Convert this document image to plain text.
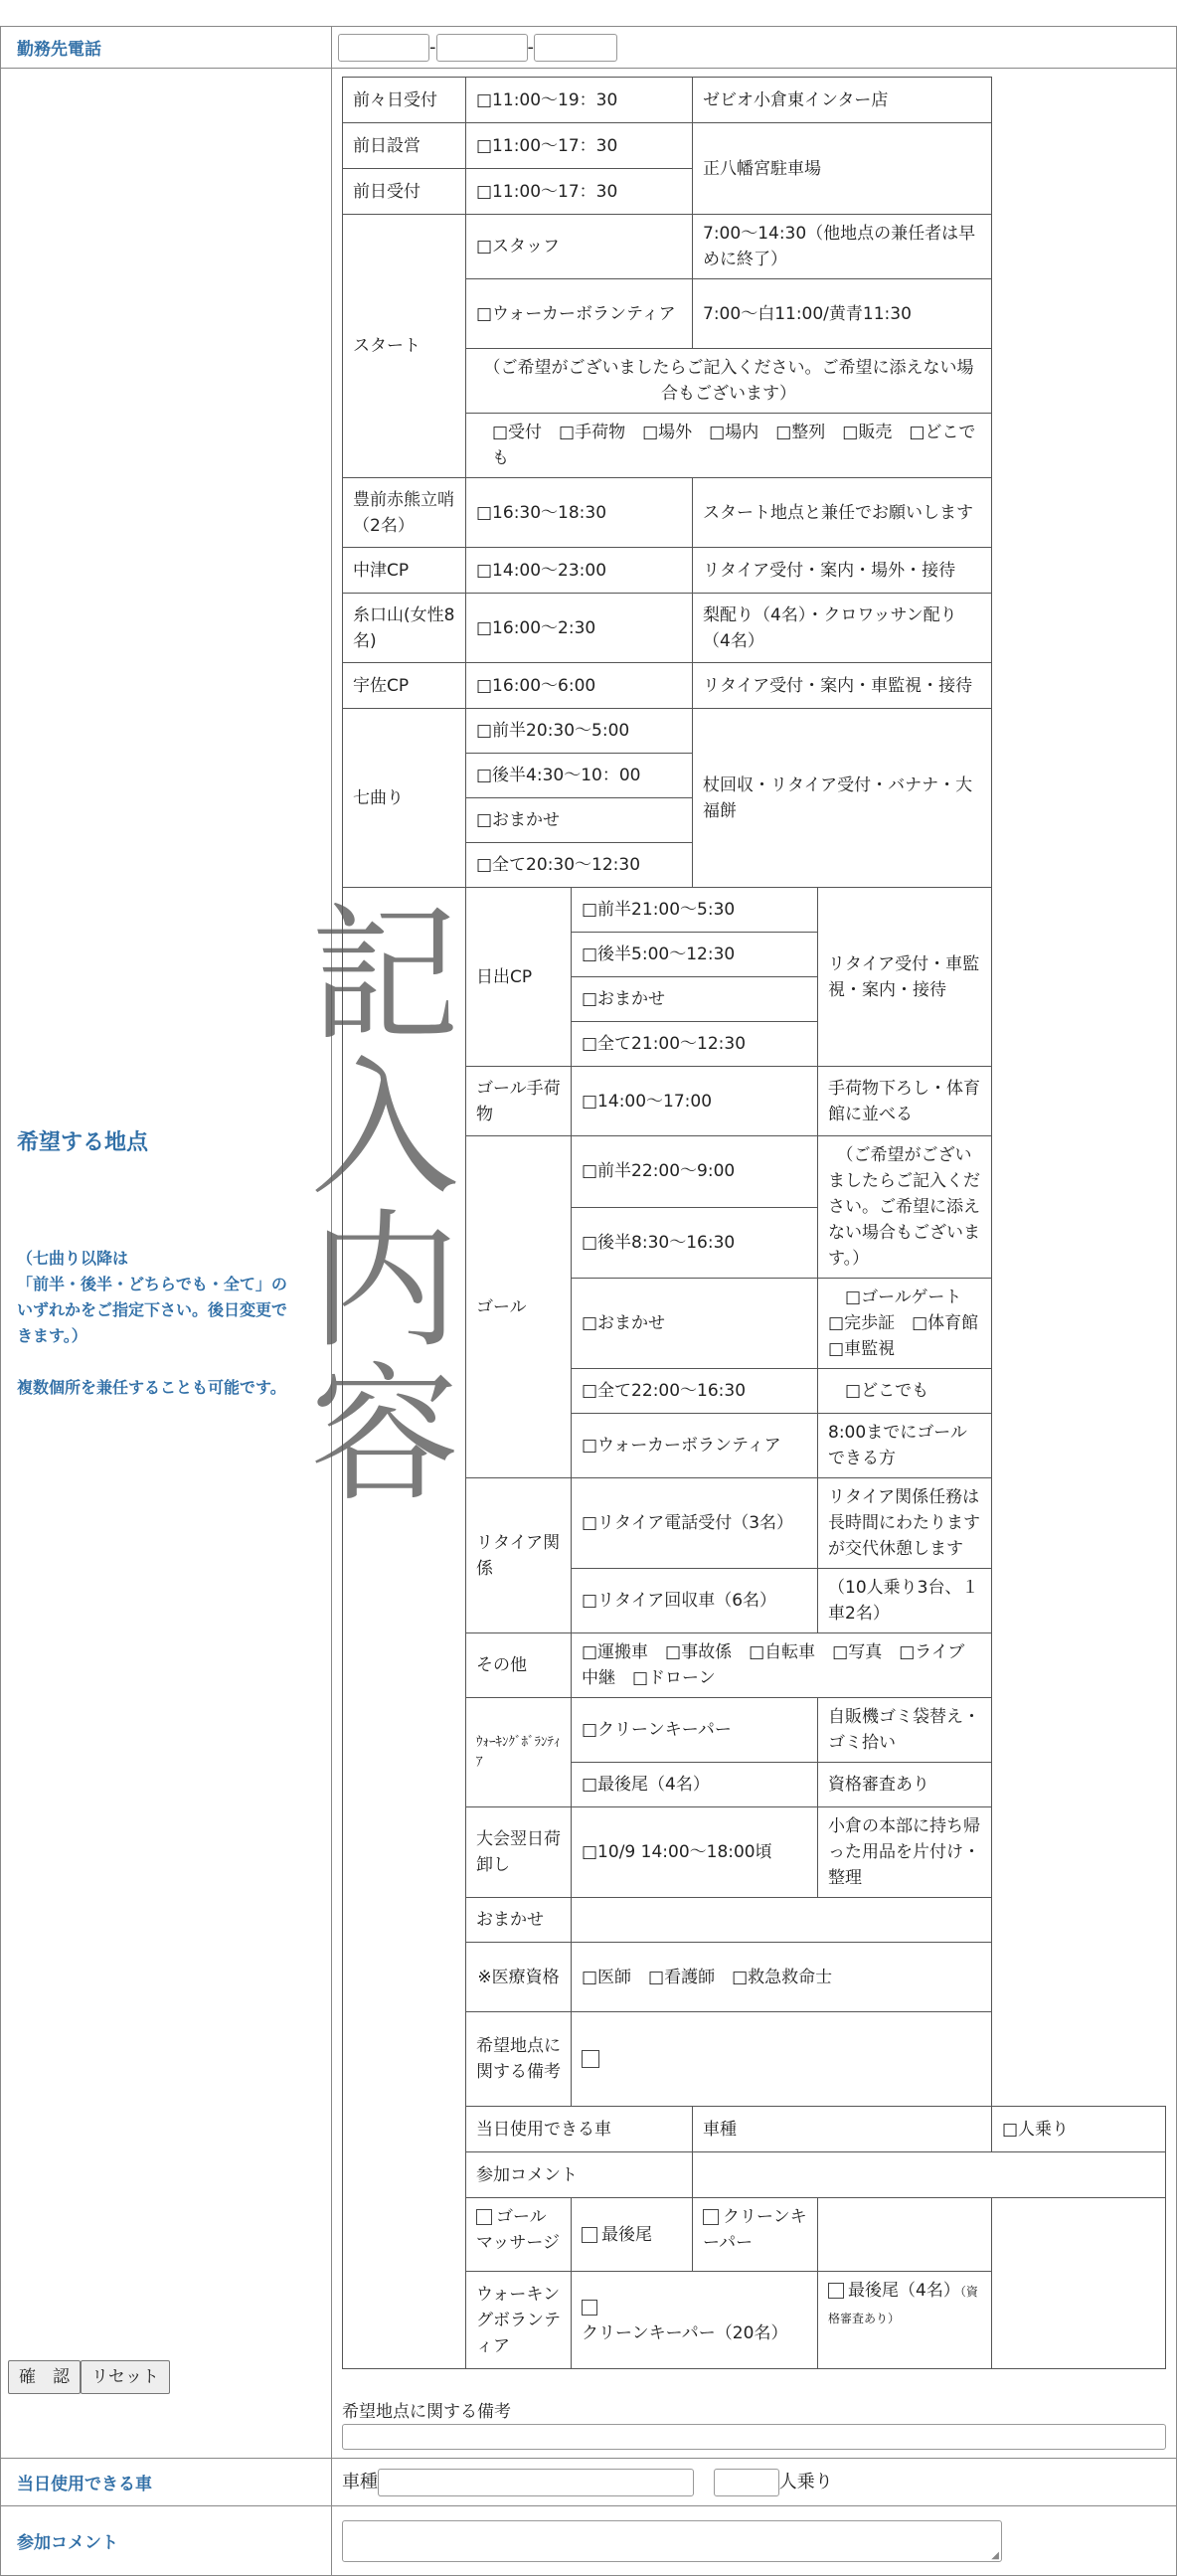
勤務先電話	-	-

希望する地点
（七曲り以降は
「前半・後半・どちらでも・全て」の
いずれかをご指定下さい。後日変更で
きます。）
複数個所を兼任することも可能です。

前々日受付	□11:00〜19：30	ゼビオ小倉東インター店
前日設営	□11:00〜17：30	正八幡宮駐車場
前日受付	□11:00〜17：30
スタート	□スタッフ	7:00〜14:30（他地点の兼任者は早めに終了）
□ウォーカーボランティア	7:00〜白11:00/黄青11:30
（ご希望がございましたらご記入ください。ご希望に添えない場合もございます）
□受付　□手荷物　□場外　□場内　□整列　□販売　□どこでも
豊前赤熊立哨（2名）	□16:30〜18:30	スタート地点と兼任でお願いします
中津CP	□14:00〜23:00	リタイア受付・案内・場外・接待
糸口山(女性8名)	□16:00〜2:30	梨配り（4名）・クロワッサン配り（4名）
宇佐CP	□16:00〜6:00	リタイア受付・案内・車監視・接待
七曲り	□前半20:30〜5:00	杖回収・リタイア受付・バナナ・大福餅
□後半4:30〜10：00
□おまかせ
□全て20:30〜12:30
	日出CP	□前半21:00〜5:30	リタイア受付・車監視・案内・接待
□後半5:00〜12:30
□おまかせ
□全て21:00〜12:30
ゴール手荷物	□14:00〜17:00	手荷物下ろし・体育館に並べる
ゴール	□前半22:00〜9:00	　（ご希望がございましたらご記入ください。ご希望に添えない場合もございます。）
□後半8:30〜16:30
□おまかせ	　□ゴールゲート　□完歩証　□体育館　□車監視
□全て22:00〜16:30	　□どこでも
□ウォーカーボランティア	8:00までにゴールできる方
リタイア関係	□リタイア電話受付（3名）	リタイア関係任務は長時間にわたりますが交代休憩します
□リタイア回収車（6名）	（10人乗り3台、１車2名）
その他	□運搬車　□事故係　□自転車　□写真　□ライブ中継　□ドローン
ｳｫｰｷﾝｸﾞﾎﾞﾗﾝﾃｨｱ	□クリーンキーパー	自販機ゴミ袋替え・ゴミ拾い
□最後尾（4名）	資格審査あり
大会翌日荷卸し	□10/9 14:00〜18:00頃	小倉の本部に持ち帰った用品を片付け・整理
おまかせ	
※医療資格	□医師　□看護師　□救急救命士
希望地点に関する備考	
当日使用できる車	車種	□人乗り
参加コメント	
ゴールマッサージ	最後尾	クリーンキーパー		
ウォーキングボランティア	クリーンキーパー（20名）	最後尾（4名）（資格審査あり）
希望地点に関する備考

当日使用できる車	車種	人乗り
参加コメント	
◢
記
入
内
容
確　認 リセット
